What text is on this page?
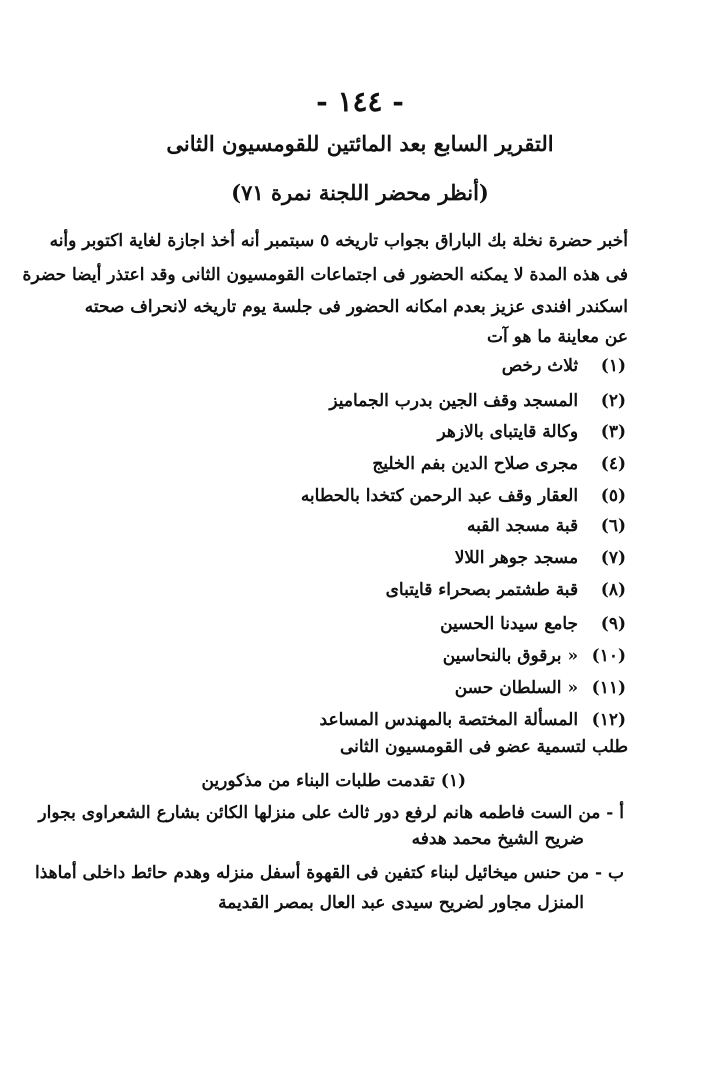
- ١٤٤ -
التقرير السابع بعد المائتين للقومسيون الثانى
(أنظر محضر اللجنة نمرة ٧١)
أخبر حضرة نخلة بك الباراق بجواب تاريخه ٥ سبتمبر أنه أخذ اجازة لغاية اكتوبر وأنه
فى هذه المدة لا يمكنه الحضور فى اجتماعات القومسيون الثانى وقد اعتذر أيضا حضرة
اسكندر افندى عزيز بعدم امكانه الحضور فى جلسة يوم تاريخه لانحراف صحته
عن معاينة ما هو آت
(١) ثلاث رخص
(٢) المسجد وقف الجين بدرب الجماميز
(٣) وكالة قايتباى بالازهر
(٤) مجرى صلاح الدين بفم الخليج
(٥) العقار وقف عبد الرحمن كتخدا بالحطابه
(٦) قبة مسجد القبه
(٧) مسجد جوهر اللالا
(٨) قبة طشتمر بصحراء قايتباى
(٩) جامع سيدنا الحسين
(١٠) « برقوق بالنحاسين
(١١) « السلطان حسن
(١٢) المسألة المختصة بالمهندس المساعد
طلب لتسمية عضو فى القومسيون الثانى
(١) تقدمت طلبات البناء من مذكورين
أ - من الست فاطمه هانم لرفع دور ثالث على منزلها الكائن بشارع الشعراوى بجوار
ضريح الشيخ محمد هدفه
ب - من حنس ميخائيل لبناء كتفين فى القهوة أسفل منزله وهدم حائط داخلى أماهذا
المنزل مجاور لضريح سيدى عبد العال بمصر القديمة
